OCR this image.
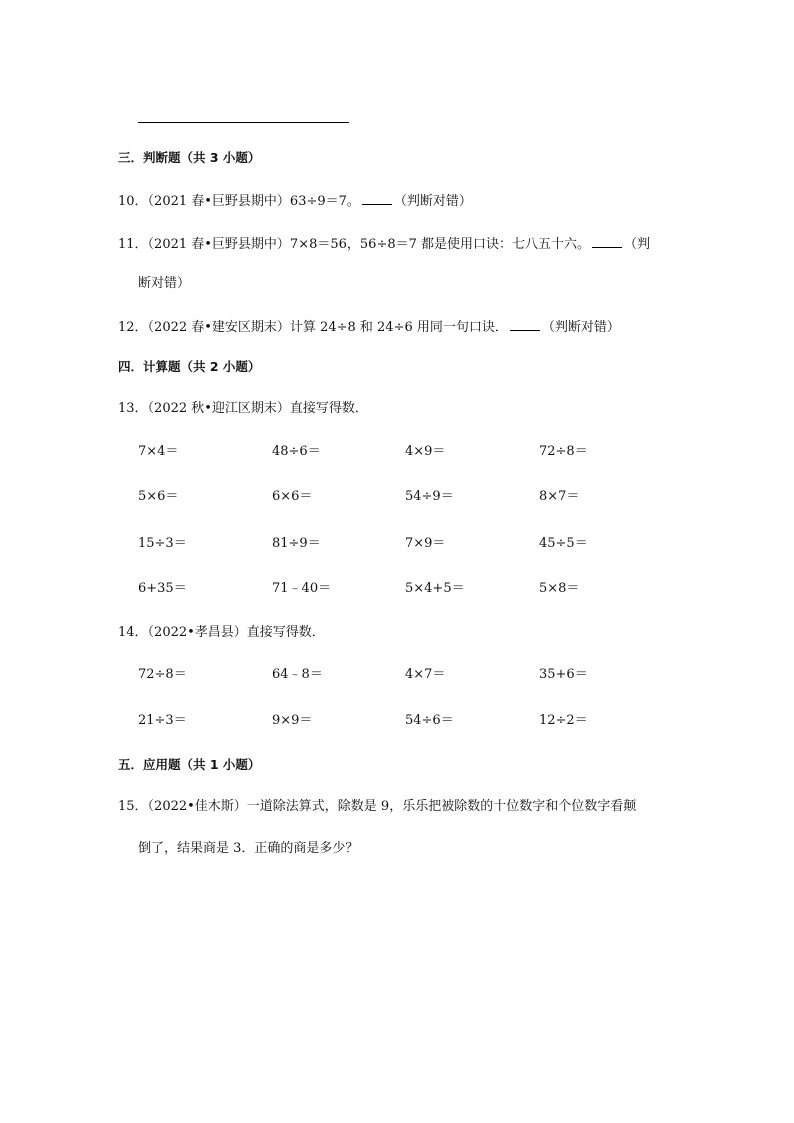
三．判断题（共 3 小题）
10．（2021 春•巨野县期中）63÷9＝7。	（判断对错）
11．（2021 春•巨野县期中）7×8＝56，56÷8＝7 都是使用口诀：七八五十六。	（判
断对错）
12．（2022 春•建安区期末）计算 24÷8 和 24÷6 用同一句口诀．	（判断对错）
四．计算题（共 2 小题）
13．（2022 秋•迎江区期末）直接写得数．
7×4＝	48÷6＝	4×9＝	72÷8＝
5×6＝	6×6＝	54÷9＝	8×7＝
15÷3＝	81÷9＝	7×9＝	45÷5＝
6+35＝	71﹣40＝	5×4+5＝	5×8＝
14．（2022•孝昌县）直接写得数．
72÷8＝	64﹣8＝	4×7＝	35+6＝
21÷3＝	9×9＝	54÷6＝	12÷2＝
五．应用题（共 1 小题）
15．（2022•佳木斯）一道除法算式，除数是 9，乐乐把被除数的十位数字和个位数字看颠
倒了，结果商是 3．正确的商是多少？
